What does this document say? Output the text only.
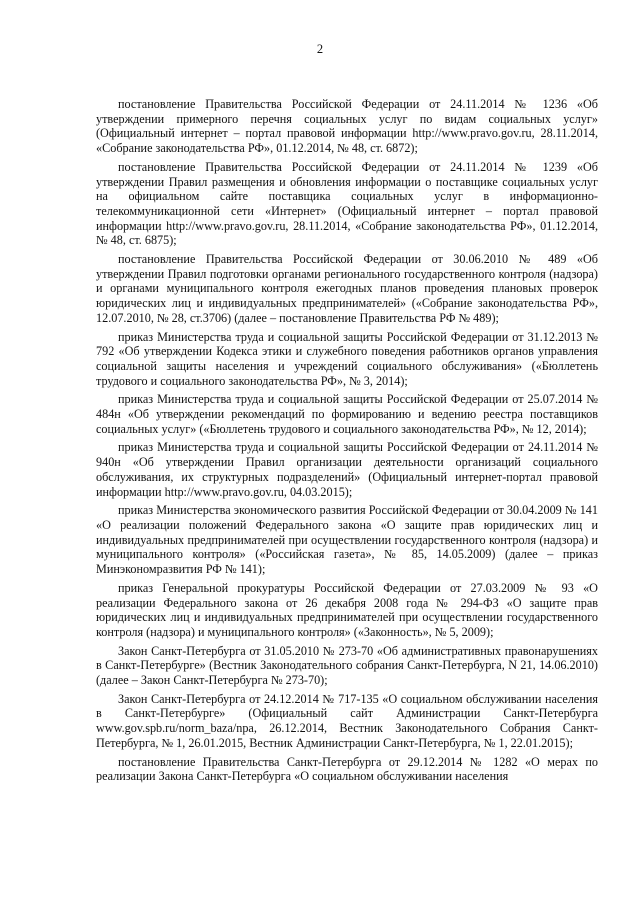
2

постановление Правительства Российской Федерации от 24.11.2014 № 1236 «Об утверждении примерного перечня социальных услуг по видам социальных услуг» (Официальный интернет – портал правовой информации http://www.pravo.gov.ru, 28.11.2014, «Собрание законодательства РФ», 01.12.2014, № 48, ст. 6872);

постановление Правительства Российской Федерации от 24.11.2014 № 1239 «Об утверждении Правил размещения и обновления информации о поставщике социальных услуг на официальном сайте поставщика социальных услуг в информационно-телекоммуникационной сети «Интернет» (Официальный интернет – портал правовой информации http://www.pravo.gov.ru, 28.11.2014, «Собрание законодательства РФ», 01.12.2014, № 48, ст. 6875);

постановление Правительства Российской Федерации от 30.06.2010 № 489 «Об утверждении Правил подготовки органами регионального государственного контроля (надзора) и органами муниципального контроля ежегодных планов проведения плановых проверок юридических лиц и индивидуальных предпринимателей» («Собрание законодательства РФ», 12.07.2010, № 28, ст.3706) (далее – постановление Правительства РФ № 489);

приказ Министерства труда и социальной защиты Российской Федерации от 31.12.2013 № 792 «Об утверждении Кодекса этики и служебного поведения работников органов управления социальной защиты населения и учреждений социального обслуживания» («Бюллетень трудового и социального законодательства РФ», № 3, 2014);

приказ Министерства труда и социальной защиты Российской Федерации от 25.07.2014 № 484н «Об утверждении рекомендаций по формированию и ведению реестра поставщиков социальных услуг» («Бюллетень трудового и социального законодательства РФ», № 12, 2014);

приказ Министерства труда и социальной защиты Российской Федерации от 24.11.2014 № 940н «Об утверждении Правил организации деятельности организаций социального обслуживания, их структурных подразделений» (Официальный интернет-портал правовой информации http://www.pravo.gov.ru, 04.03.2015);

приказ Министерства экономического развития Российской Федерации от 30.04.2009 № 141 «О реализации положений Федерального закона «О защите прав юридических лиц и индивидуальных предпринимателей при осуществлении государственного контроля (надзора) и муниципального контроля» («Российская газета», № 85, 14.05.2009) (далее – приказ Минэкономразвития РФ № 141);

приказ Генеральной прокуратуры Российской Федерации от 27.03.2009 № 93 «О реализации Федерального закона от 26 декабря 2008 года № 294-ФЗ «О защите прав юридических лиц и индивидуальных предпринимателей при осуществлении государственного контроля (надзора) и муниципального контроля» («Законность», № 5, 2009);

Закон Санкт-Петербурга от 31.05.2010 № 273-70 «Об административных правонарушениях в Санкт-Петербурге» (Вестник Законодательного собрания Санкт-Петербурга, N 21, 14.06.2010) (далее – Закон Санкт-Петербурга № 273-70);

Закон Санкт-Петербурга от 24.12.2014 № 717-135 «О социальном обслуживании населения в Санкт-Петербурге» (Официальный сайт Администрации Санкт-Петербурга www.gov.spb.ru/norm_baza/npa, 26.12.2014, Вестник Законодательного Собрания Санкт-Петербурга, № 1, 26.01.2015, Вестник Администрации Санкт-Петербурга, № 1, 22.01.2015);

постановление Правительства Санкт-Петербурга от 29.12.2014 № 1282 «О мерах по реализации Закона Санкт-Петербурга «О социальном обслуживании населения
